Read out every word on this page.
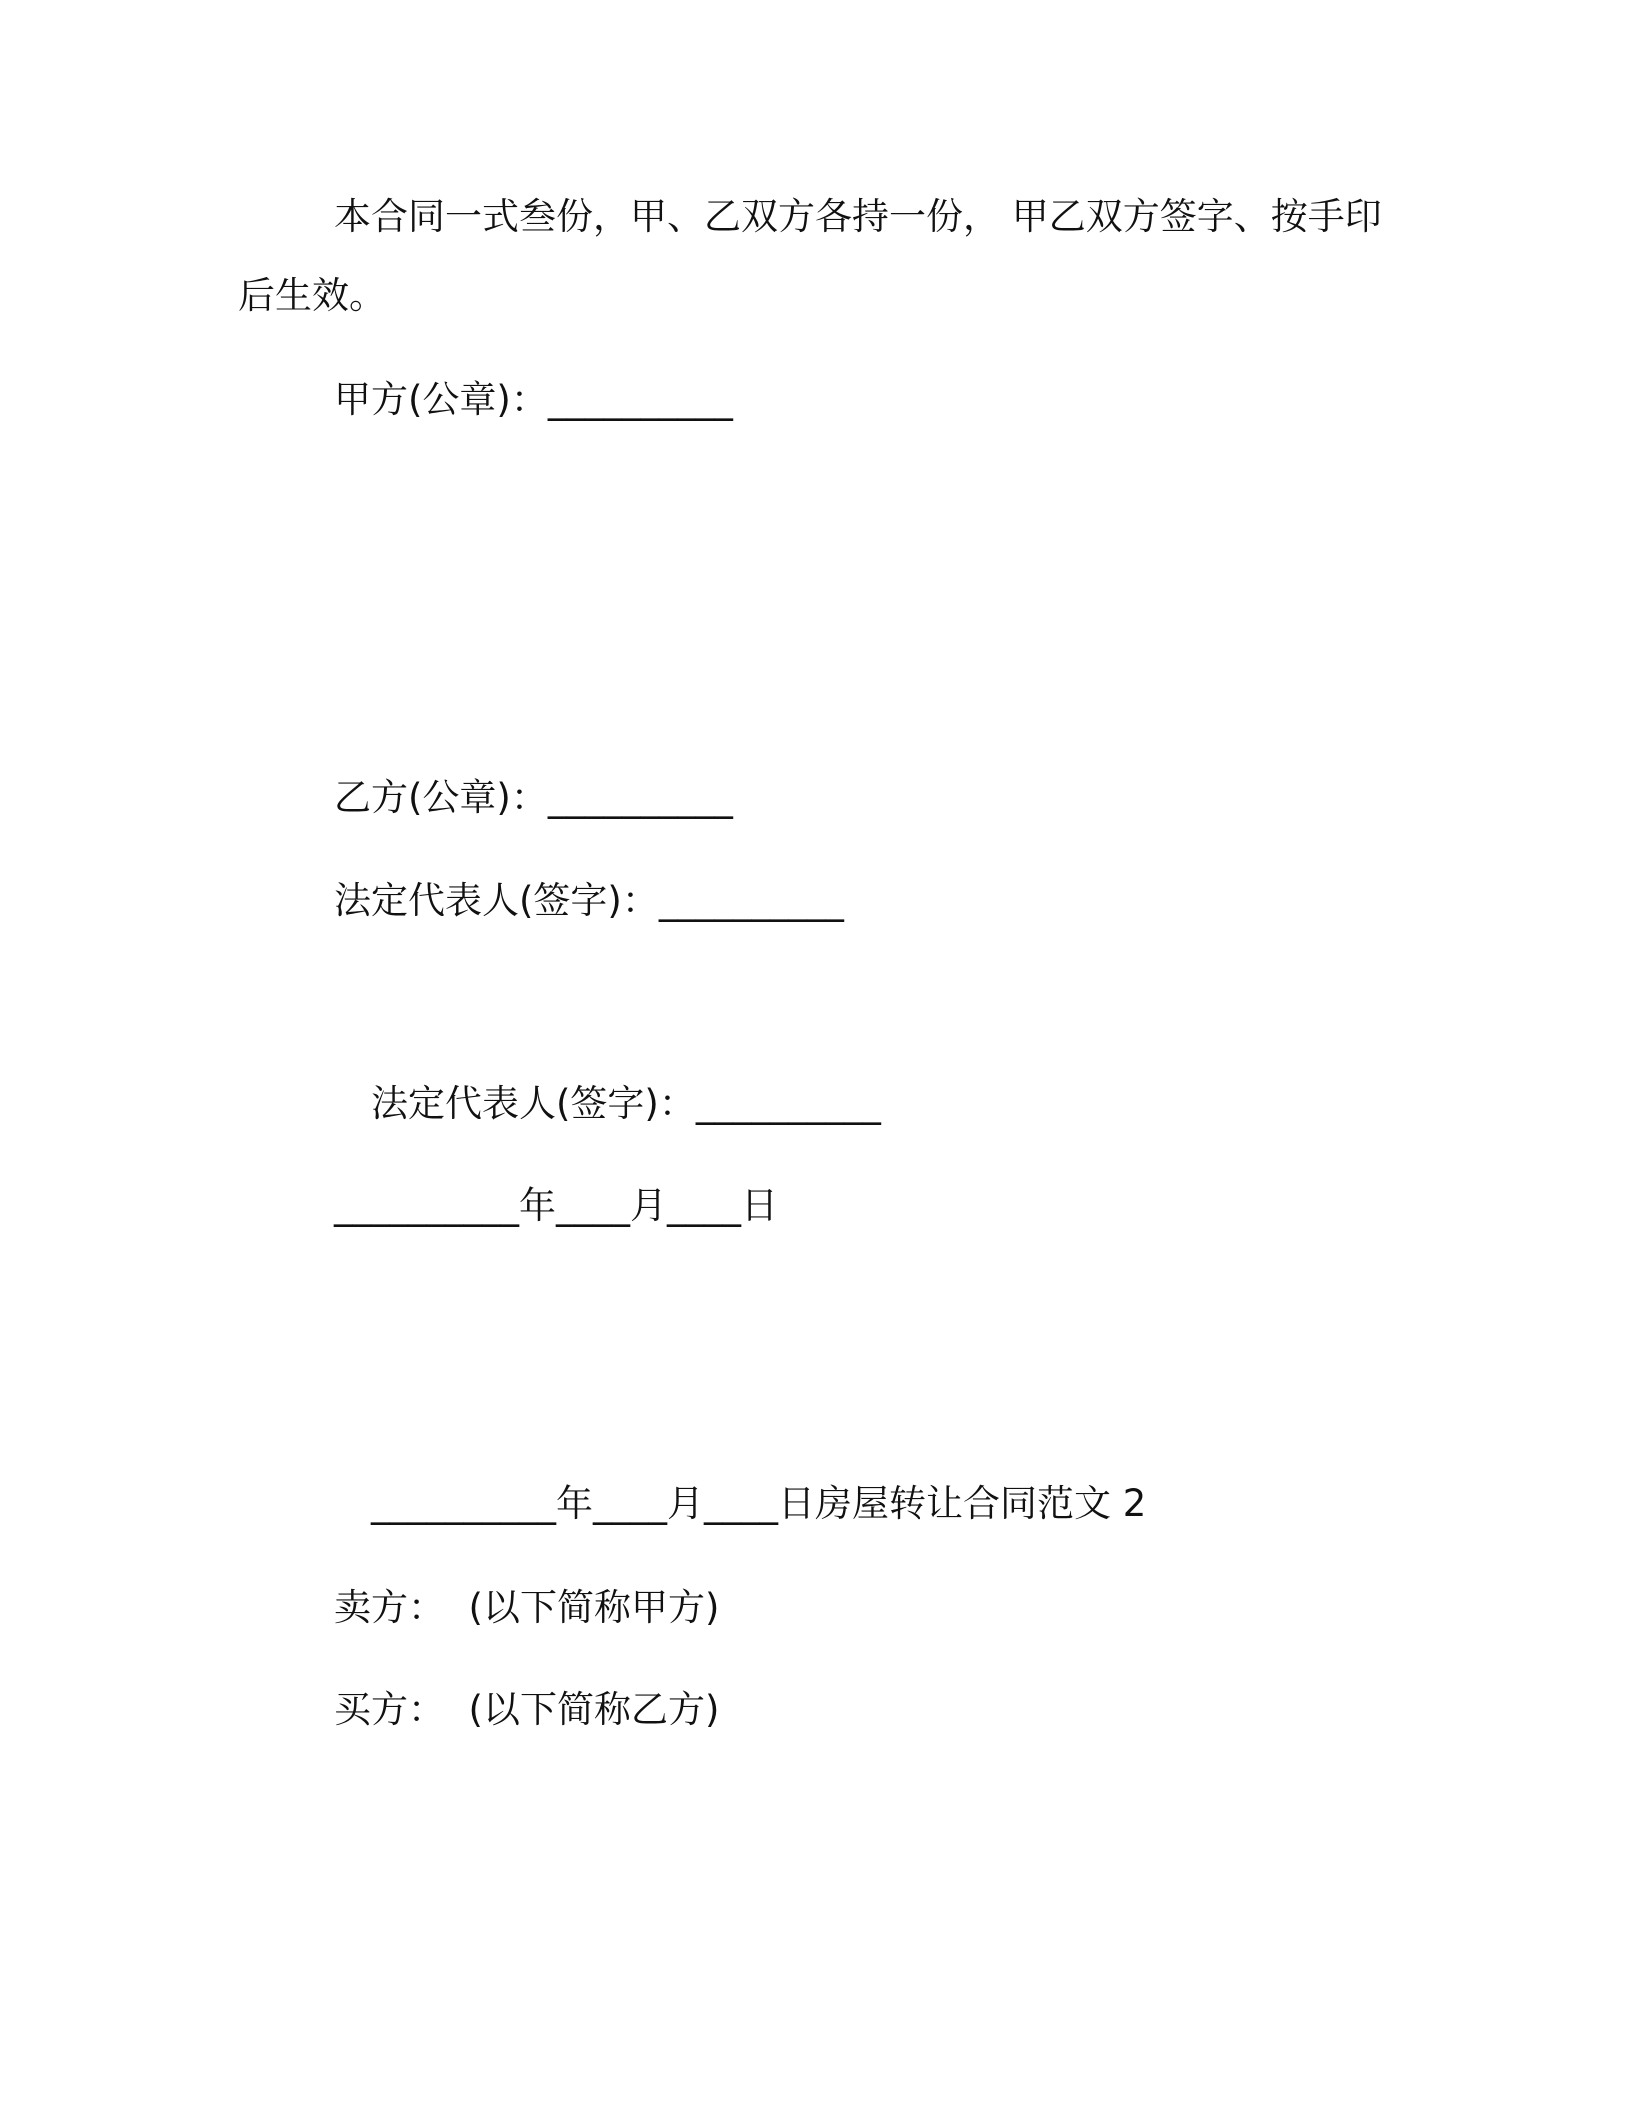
本合同一式叁份，甲、乙双方各持一份， 甲乙双方签字、按手印
后生效。
甲方(公章)：__________
乙方(公章)：__________
法定代表人(签字)：__________
法定代表人(签字)：__________
__________年____月____日
__________年____月____日房屋转让合同范文 2
卖方：  (以下简称甲方)
买方：  (以下简称乙方)
